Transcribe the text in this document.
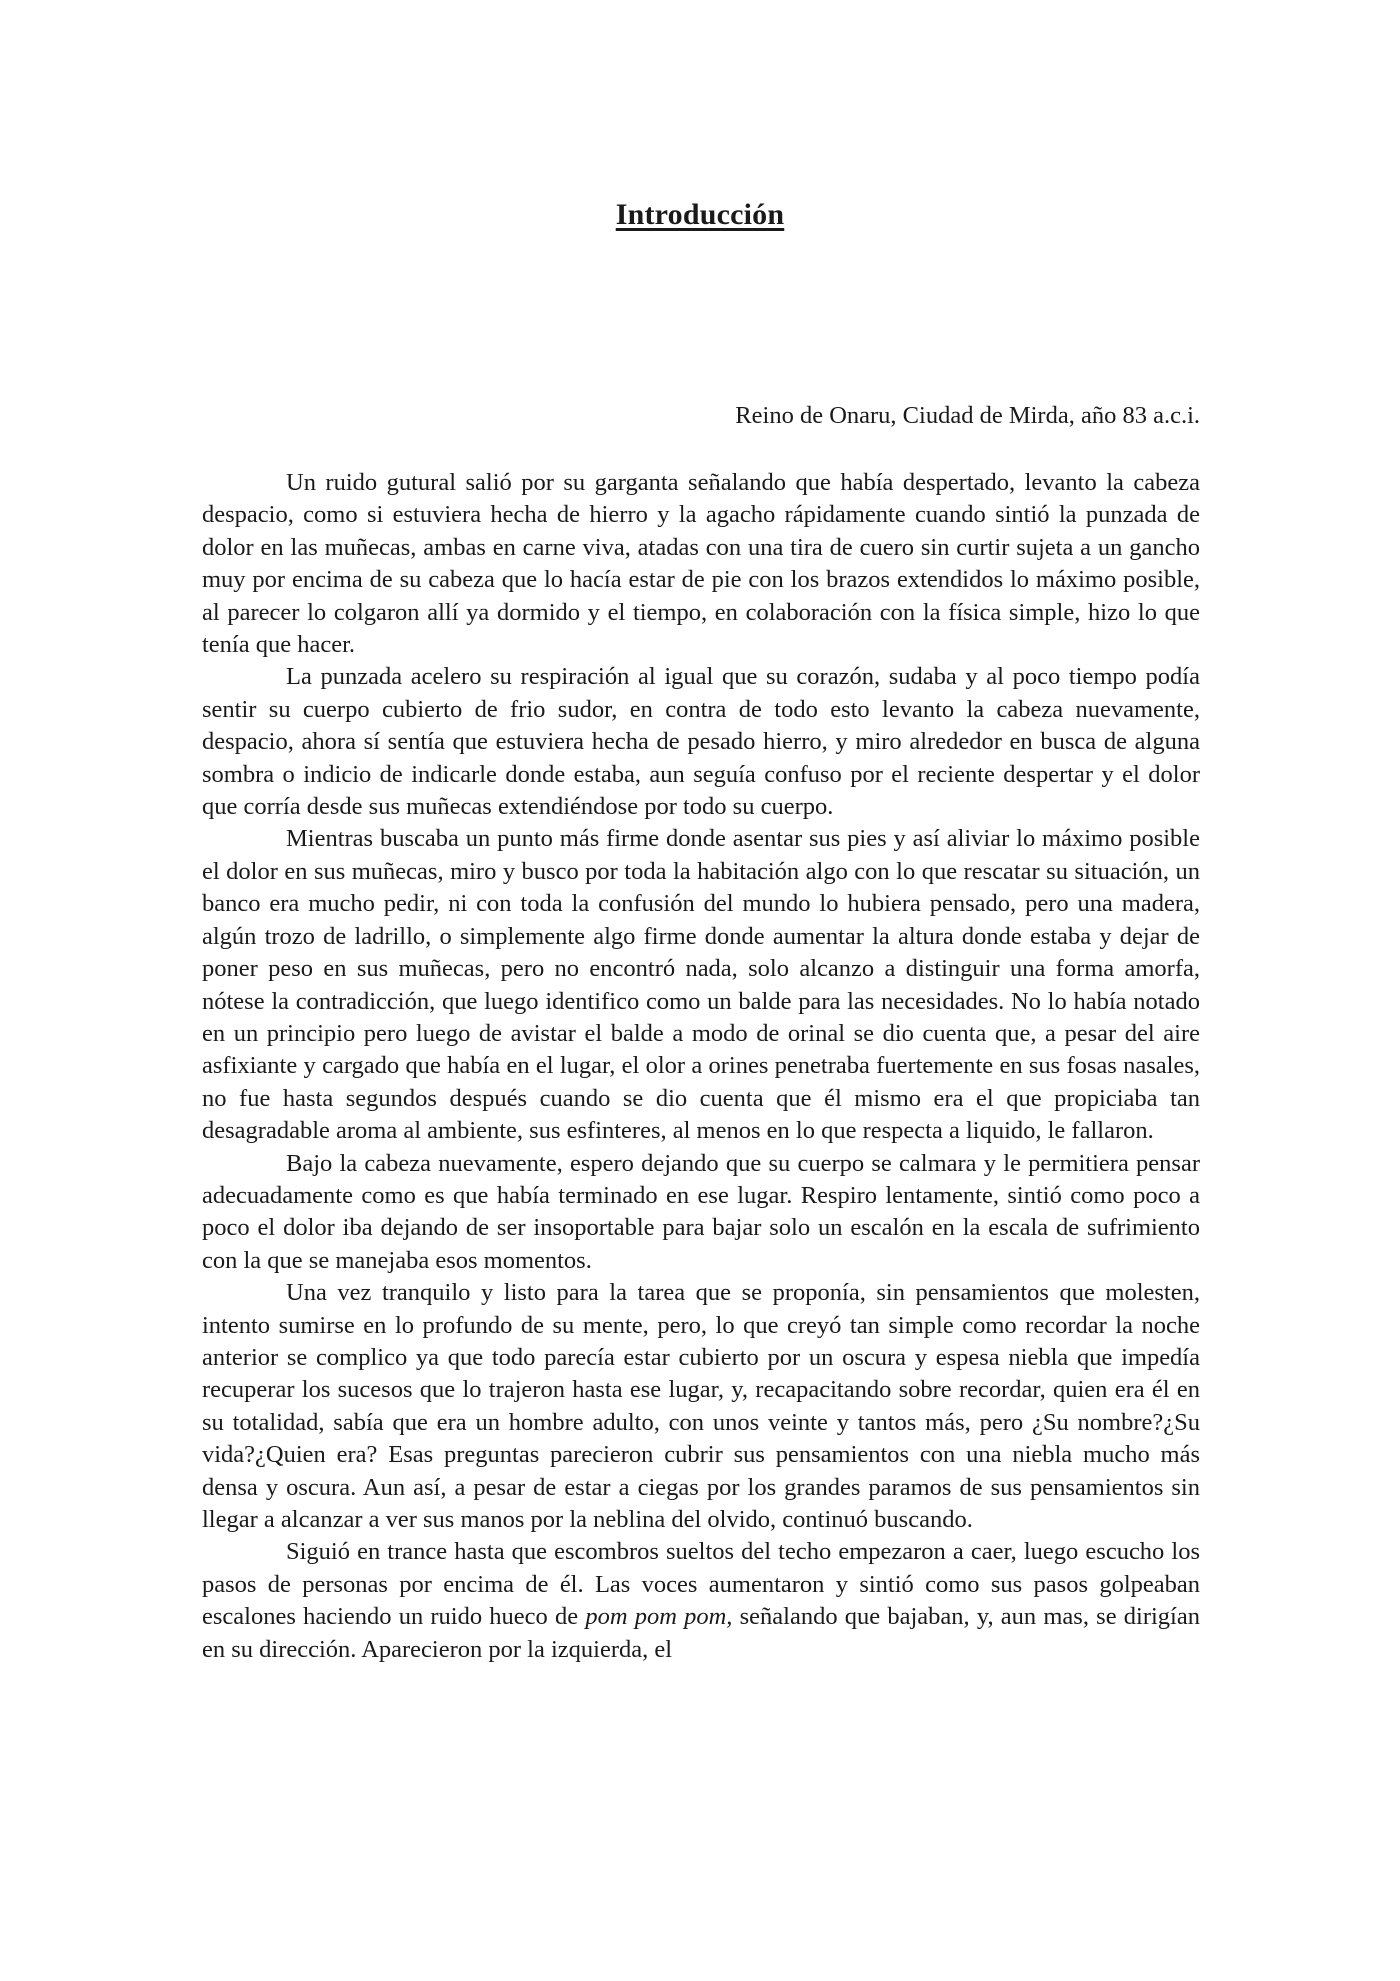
Introducción

Reino de Onaru, Ciudad de Mirda, año 83 a.c.i.

Un ruido gutural salió por su garganta señalando que había despertado, levanto la cabeza despacio, como si estuviera hecha de hierro y la agacho rápidamente cuando sintió la punzada de dolor en las muñecas, ambas en carne viva, atadas con una tira de cuero sin curtir sujeta a un gancho muy por encima de su cabeza que lo hacía estar de pie con los brazos extendidos lo máximo posible, al parecer lo colgaron allí ya dormido y el tiempo, en colaboración con la física simple, hizo lo que tenía que hacer.

La punzada acelero su respiración al igual que su corazón, sudaba y al poco tiempo podía sentir su cuerpo cubierto de frio sudor, en contra de todo esto levanto la cabeza nuevamente, despacio, ahora sí sentía que estuviera hecha de pesado hierro, y miro alrededor en busca de alguna sombra o indicio de indicarle donde estaba, aun seguía confuso por el reciente despertar y el dolor que corría desde sus muñecas extendiéndose por todo su cuerpo.

Mientras buscaba un punto más firme donde asentar sus pies y así aliviar lo máximo posible el dolor en sus muñecas, miro y busco por toda la habitación algo con lo que rescatar su situación, un banco era mucho pedir, ni con toda la confusión del mundo lo hubiera pensado, pero una madera, algún trozo de ladrillo, o simplemente algo firme donde aumentar la altura donde estaba y dejar de poner peso en sus muñecas, pero no encontró nada, solo alcanzo a distinguir una forma amorfa, nótese la contradicción, que luego identifico como un balde para las necesidades. No lo había notado en un principio pero luego de avistar el balde a modo de orinal se dio cuenta que, a pesar del aire asfixiante y cargado que había en el lugar, el olor a orines penetraba fuertemente en sus fosas nasales, no fue hasta segundos después cuando se dio cuenta que él mismo era el que propiciaba tan desagradable aroma al ambiente, sus esfinteres, al menos en lo que respecta a liquido, le fallaron.

Bajo la cabeza nuevamente, espero dejando que su cuerpo se calmara y le permitiera pensar adecuadamente como es que había terminado en ese lugar. Respiro lentamente, sintió como poco a poco el dolor iba dejando de ser insoportable para bajar solo un escalón en la escala de sufrimiento con la que se manejaba esos momentos.

Una vez tranquilo y listo para la tarea que se proponía, sin pensamientos que molesten, intento sumirse en lo profundo de su mente, pero, lo que creyó tan simple como recordar la noche anterior se complico ya que todo parecía estar cubierto por un oscura y espesa niebla que impedía recuperar los sucesos que lo trajeron hasta ese lugar, y, recapacitando sobre recordar, quien era él en su totalidad, sabía que era un hombre adulto, con unos veinte y tantos más, pero ¿Su nombre?¿Su vida?¿Quien era? Esas preguntas parecieron cubrir sus pensamientos con una niebla mucho más densa y oscura. Aun así, a pesar de estar a ciegas por los grandes paramos de sus pensamientos sin llegar a alcanzar a ver sus manos por la neblina del olvido, continuó buscando.

Siguió en trance hasta que escombros sueltos del techo empezaron a caer, luego escucho los pasos de personas por encima de él. Las voces aumentaron y sintió como sus pasos golpeaban escalones haciendo un ruido hueco de pom pom pom, señalando que bajaban, y, aun mas, se dirigían en su dirección. Aparecieron por la izquierda, el
